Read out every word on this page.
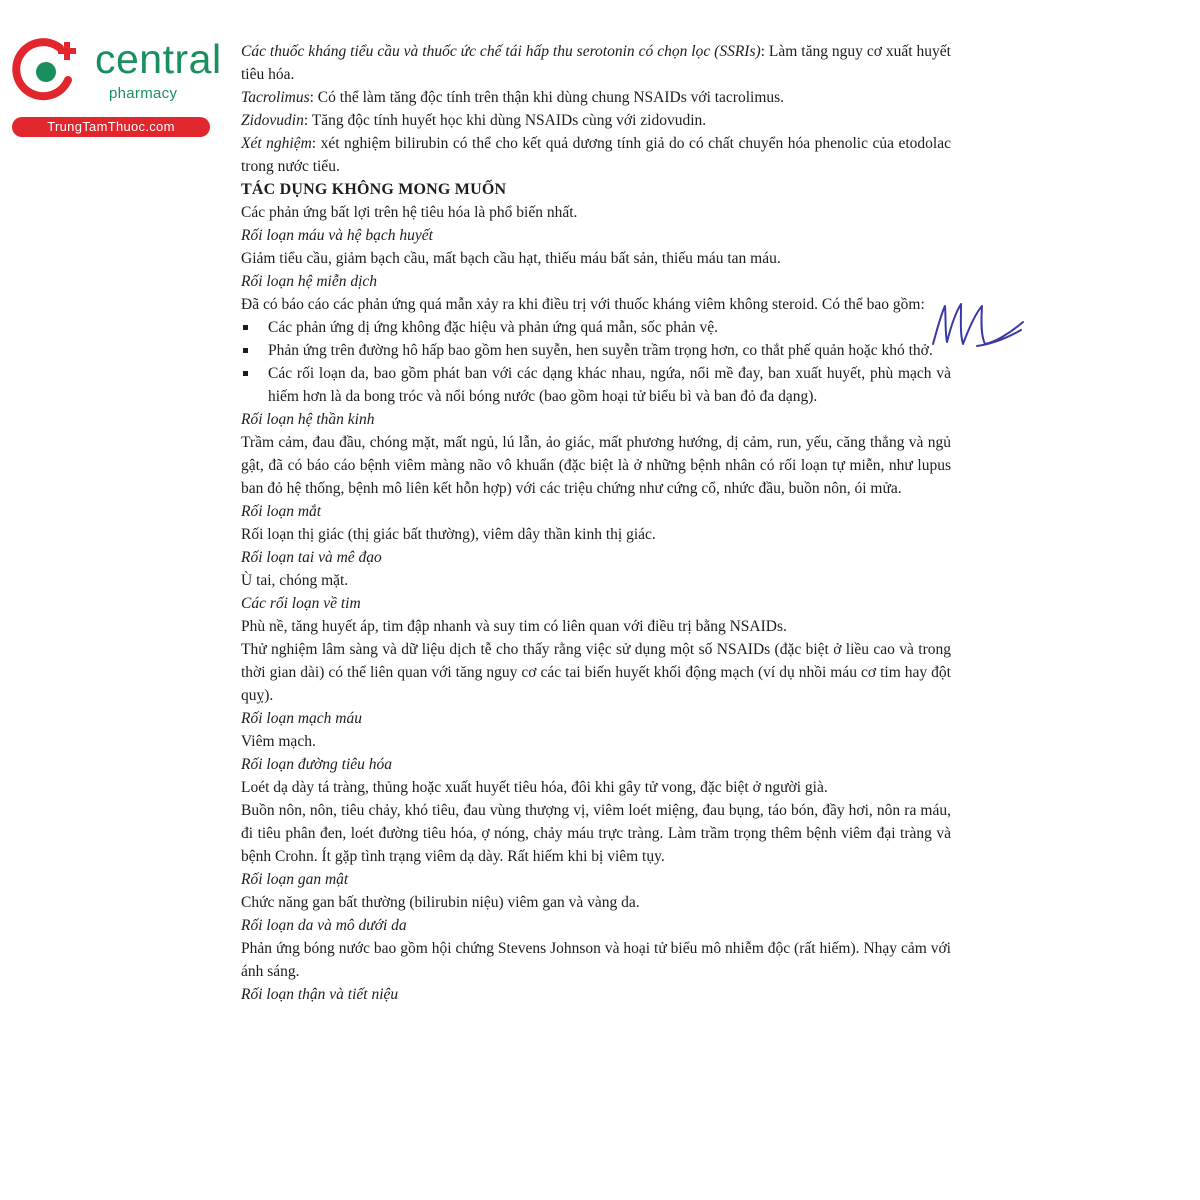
central
pharmacy
TrungTamThuoc.com

Các thuốc kháng tiểu cầu và thuốc ức chế tái hấp thu serotonin có chọn lọc (SSRIs): Làm tăng nguy cơ xuất huyết tiêu hóa.

Tacrolimus: Có thể làm tăng độc tính trên thận khi dùng chung NSAIDs với tacrolimus.

Zidovudin: Tăng độc tính huyết học khi dùng NSAIDs cùng với zidovudin.

Xét nghiệm: xét nghiệm bilirubin có thể cho kết quả dương tính giả do có chất chuyển hóa phenolic của etodolac trong nước tiểu.

TÁC DỤNG KHÔNG MONG MUỐN

Các phản ứng bất lợi trên hệ tiêu hóa là phổ biến nhất.

Rối loạn máu và hệ bạch huyết

Giảm tiểu cầu, giảm bạch cầu, mất bạch cầu hạt, thiếu máu bất sản, thiếu máu tan máu.

Rối loạn hệ miễn dịch

Đã có báo cáo các phản ứng quá mẫn xảy ra khi điều trị với thuốc kháng viêm không steroid. Có thể bao gồm:

Các phản ứng dị ứng không đặc hiệu và phản ứng quá mẫn, sốc phản vệ.
Phản ứng trên đường hô hấp bao gồm hen suyễn, hen suyễn trầm trọng hơn, co thắt phế quản hoặc khó thở.
Các rối loạn da, bao gồm phát ban với các dạng khác nhau, ngứa, nổi mề đay, ban xuất huyết, phù mạch và hiếm hơn là da bong tróc và nổi bóng nước (bao gồm hoại tử biểu bì và ban đỏ đa dạng).

Rối loạn hệ thần kinh

Trầm cảm, đau đầu, chóng mặt, mất ngủ, lú lẫn, ảo giác, mất phương hướng, dị cảm, run, yếu, căng thẳng và ngủ gật, đã có báo cáo bệnh viêm màng não vô khuẩn (đặc biệt là ở những bệnh nhân có rối loạn tự miễn, như lupus ban đỏ hệ thống, bệnh mô liên kết hỗn hợp) với các triệu chứng như cứng cổ, nhức đầu, buồn nôn, ói mửa.

Rối loạn mắt

Rối loạn thị giác (thị giác bất thường), viêm dây thần kinh thị giác.

Rối loạn tai và mê đạo

Ù tai, chóng mặt.

Các rối loạn về tim

Phù nề, tăng huyết áp, tim đập nhanh và suy tim có liên quan với điều trị bằng NSAIDs.

Thử nghiệm lâm sàng và dữ liệu dịch tễ cho thấy rằng việc sử dụng một số NSAIDs (đặc biệt ở liều cao và trong thời gian dài) có thể liên quan với tăng nguy cơ các tai biến huyết khối động mạch (ví dụ nhồi máu cơ tim hay đột quỵ).

Rối loạn mạch máu

Viêm mạch.

Rối loạn đường tiêu hóa

Loét dạ dày tá tràng, thủng hoặc xuất huyết tiêu hóa, đôi khi gây tử vong, đặc biệt ở người già.

Buồn nôn, nôn, tiêu chảy, khó tiêu, đau vùng thượng vị, viêm loét miệng, đau bụng, táo bón, đầy hơi, nôn ra máu, đi tiêu phân đen, loét đường tiêu hóa, ợ nóng, chảy máu trực tràng. Làm trầm trọng thêm bệnh viêm đại tràng và bệnh Crohn. Ít gặp tình trạng viêm dạ dày. Rất hiếm khi bị viêm tụy.

Rối loạn gan mật

Chức năng gan bất thường (bilirubin niệu) viêm gan và vàng da.

Rối loạn da và mô dưới da

Phản ứng bóng nước bao gồm hội chứng Stevens Johnson và hoại tử biểu mô nhiễm độc (rất hiếm). Nhạy cảm với ánh sáng.

Rối loạn thận và tiết niệu
